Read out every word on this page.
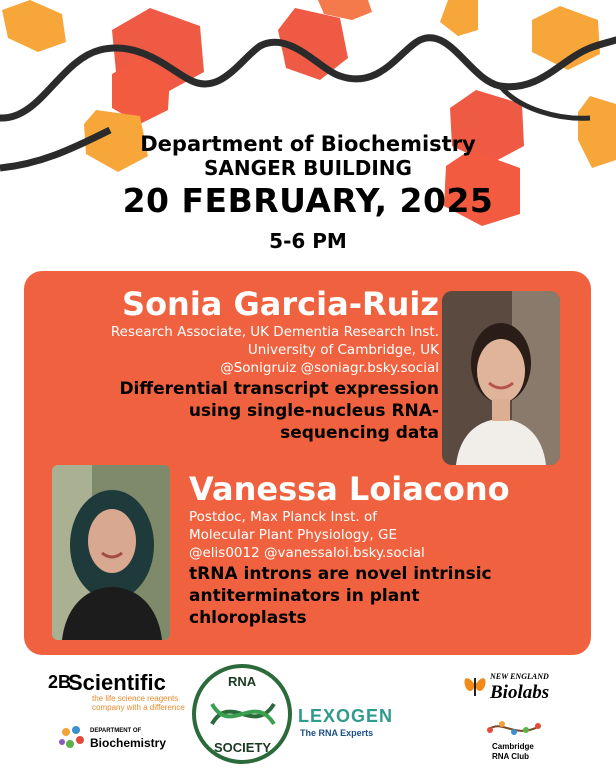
Department of Biochemistry
SANGER BUILDING
20 FEBRUARY, 2025
5-6 PM
Sonia Garcia-Ruiz
Research Associate, UK Dementia Research Inst.
University of Cambridge, UK
@Sonigruiz @soniagr.bsky.social
Differential transcript expression
using single-nucleus RNA-
sequencing data
Vanessa Loiacono
Postdoc, Max Planck Inst. of
Molecular Plant Physiology, GE
@elis0012 @vanessaloi.bsky.social
tRNA introns are novel intrinsic
antiterminators in plant
chloroplasts
2B
Scientific
the life science reagents
company with a difference
DEPARTMENT OF
Biochemistry
RNA
SOCIETY
LEXOGEN
The RNA Experts
NEW ENGLAND
Biolabs
Cambridge
RNA Club
